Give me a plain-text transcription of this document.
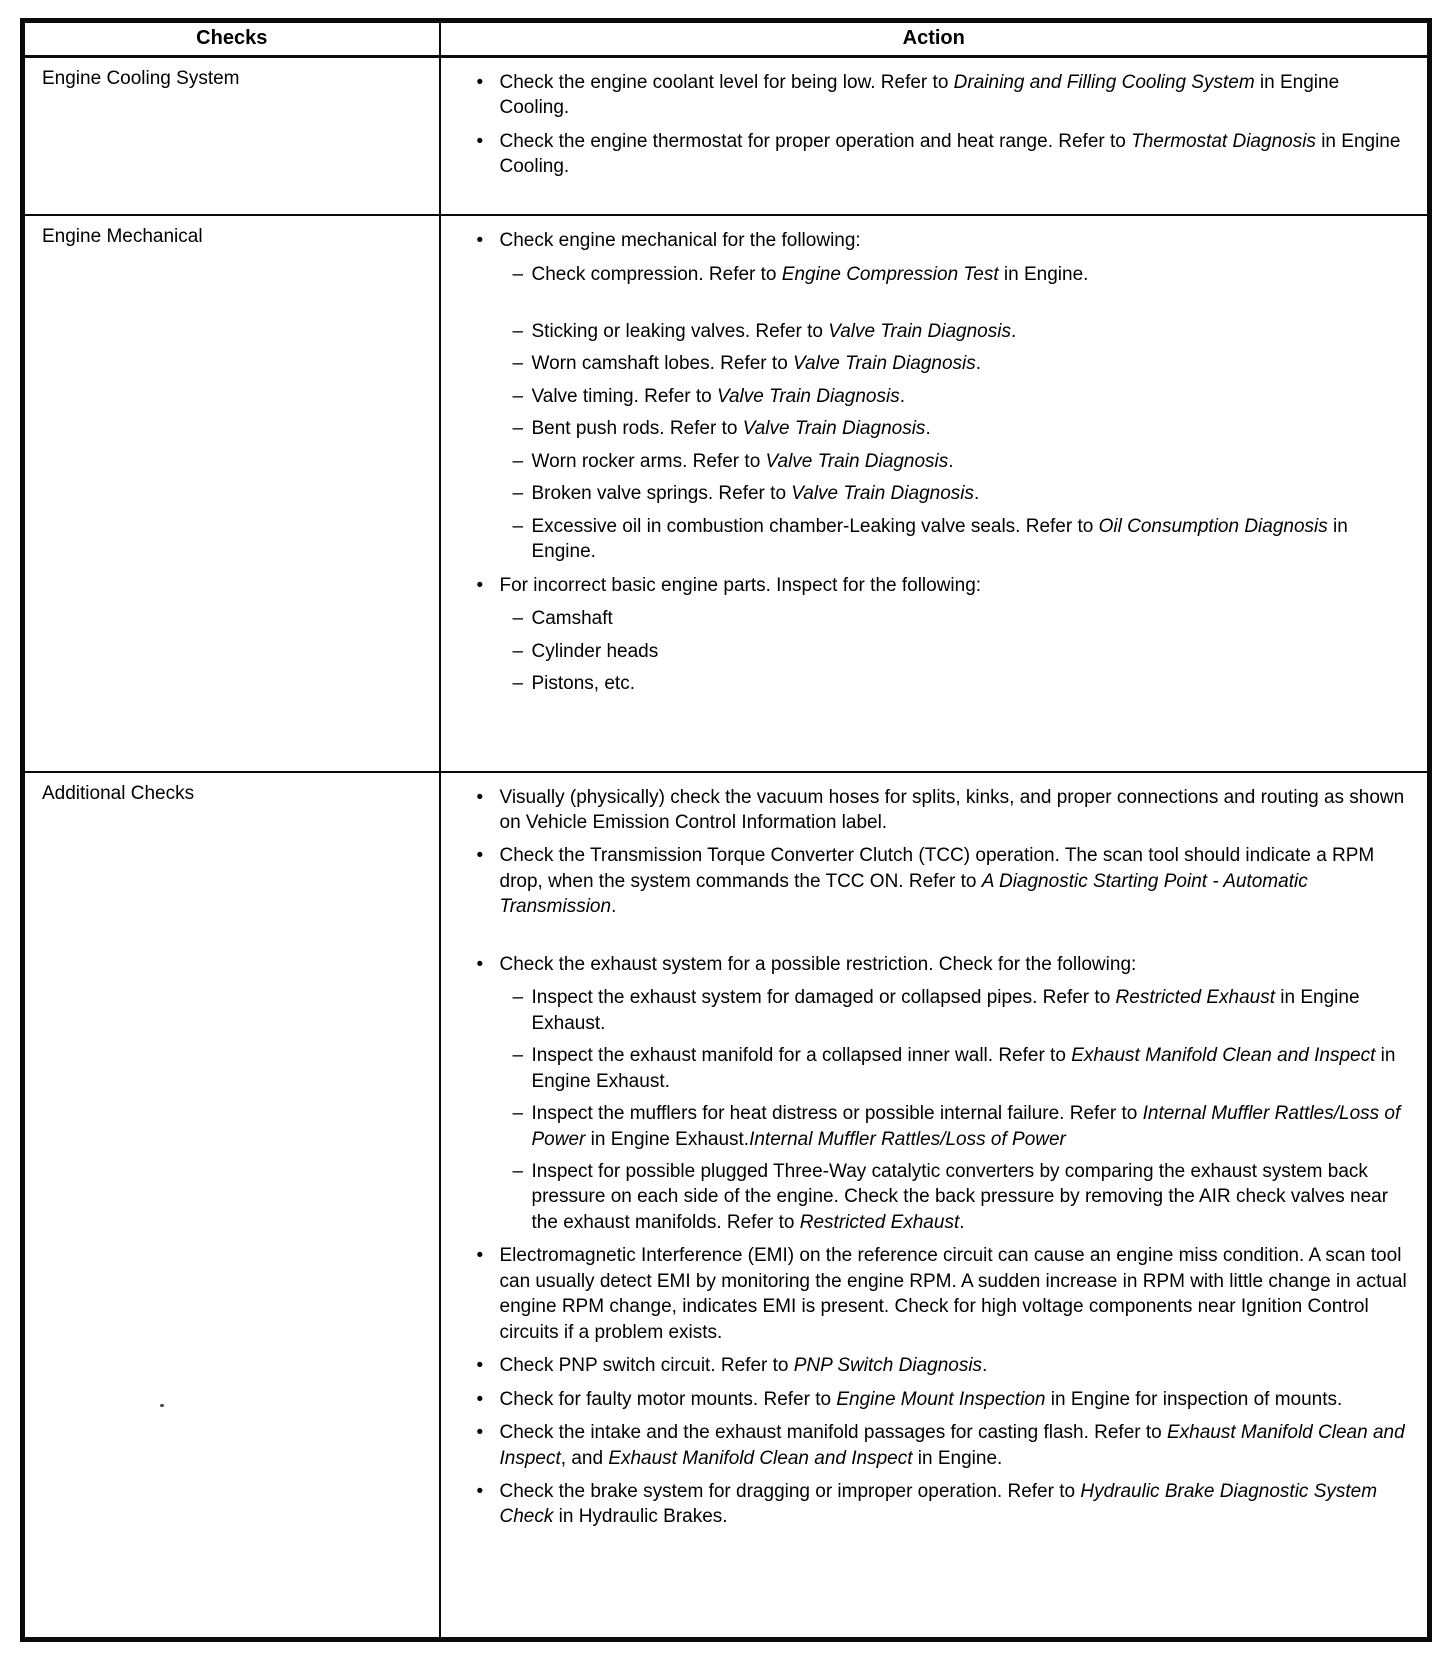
Checks	Action
Engine Cooling System	• Check the engine coolant level for being low. Refer to Draining and Filling Cooling System in Engine Cooling.
• Check the engine thermostat for proper operation and heat range. Refer to Thermostat Diagnosis in Engine Cooling.

Engine Mechanical	• Check engine mechanical for the following:
– Check compression. Refer to Engine Compression Test in Engine.
– Sticking or leaking valves. Refer to Valve Train Diagnosis.
– Worn camshaft lobes. Refer to Valve Train Diagnosis.
– Valve timing. Refer to Valve Train Diagnosis.
– Bent push rods. Refer to Valve Train Diagnosis.
– Worn rocker arms. Refer to Valve Train Diagnosis.
– Broken valve springs. Refer to Valve Train Diagnosis.
– Excessive oil in combustion chamber-Leaking valve seals. Refer to Oil Consumption Diagnosis in Engine.
• For incorrect basic engine parts. Inspect for the following:
– Camshaft
– Cylinder heads
– Pistons, etc.

Additional Checks	• Visually (physically) check the vacuum hoses for splits, kinks, and proper connections and routing as shown on Vehicle Emission Control Information label.
• Check the Transmission Torque Converter Clutch (TCC) operation. The scan tool should indicate a RPM drop, when the system commands the TCC ON. Refer to A Diagnostic Starting Point - Automatic Transmission.
• Check the exhaust system for a possible restriction. Check for the following:
– Inspect the exhaust system for damaged or collapsed pipes. Refer to Restricted Exhaust in Engine Exhaust.
– Inspect the exhaust manifold for a collapsed inner wall. Refer to Exhaust Manifold Clean and Inspect in Engine Exhaust.
– Inspect the mufflers for heat distress or possible internal failure. Refer to Internal Muffler Rattles/Loss of Power in Engine Exhaust.Internal Muffler Rattles/Loss of Power
– Inspect for possible plugged Three-Way catalytic converters by comparing the exhaust system back pressure on each side of the engine. Check the back pressure by removing the AIR check valves near the exhaust manifolds. Refer to Restricted Exhaust.
• Electromagnetic Interference (EMI) on the reference circuit can cause an engine miss condition. A scan tool can usually detect EMI by monitoring the engine RPM. A sudden increase in RPM with little change in actual engine RPM change, indicates EMI is present. Check for high voltage components near Ignition Control circuits if a problem exists.
• Check PNP switch circuit. Refer to PNP Switch Diagnosis.
• Check for faulty motor mounts. Refer to Engine Mount Inspection in Engine for inspection of mounts.
• Check the intake and the exhaust manifold passages for casting flash. Refer to Exhaust Manifold Clean and Inspect, and Exhaust Manifold Clean and Inspect in Engine.
• Check the brake system for dragging or improper operation. Refer to Hydraulic Brake Diagnostic System Check in Hydraulic Brakes.
